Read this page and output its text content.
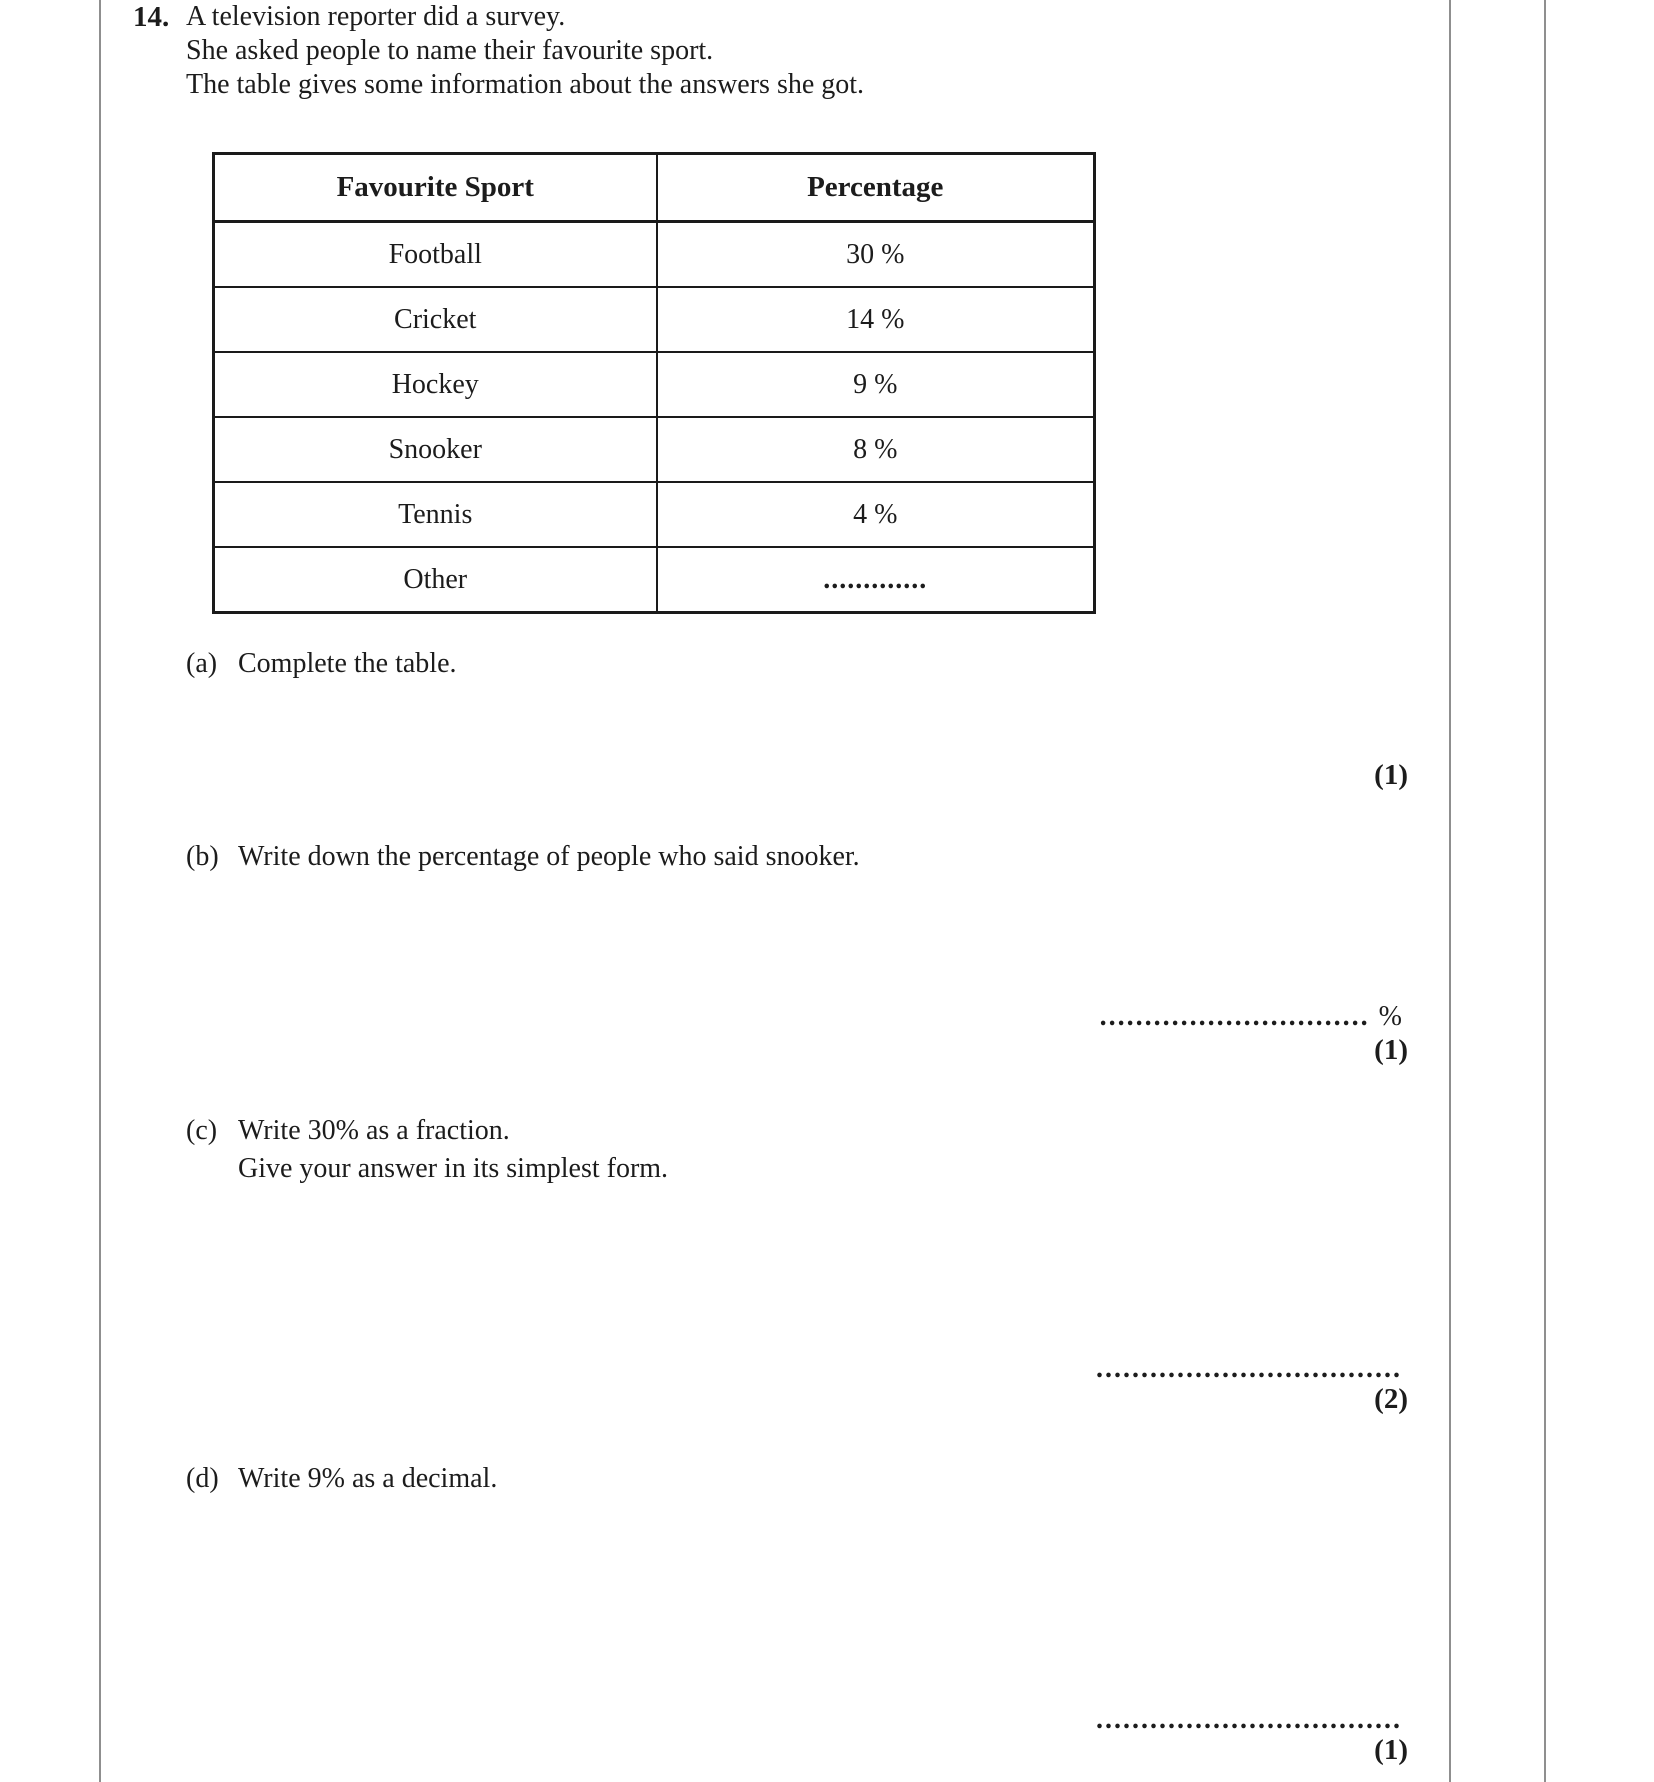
14. A television reporter did a survey.
She asked people to name their favourite sport.
The table gives some information about the answers she got.
Favourite Sport	Percentage
Football	30 %
Cricket	14 %
Hockey	9 %
Snooker	8 %
Tennis	4 %
Other	.............
(a) Complete the table.
(1)
(b) Write down the percentage of people who said snooker.
.............................. %
(1)
(c) Write 30% as a fraction.
Give your answer in its simplest form.
..................................
(2)
(d) Write 9% as a decimal.
..................................
(1)
